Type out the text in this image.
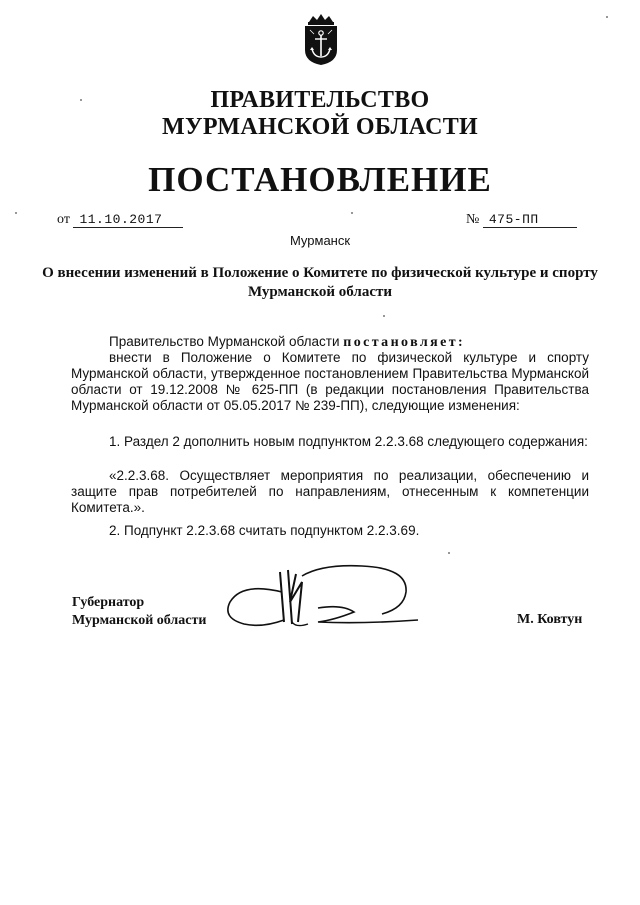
ПРАВИТЕЛЬСТВО
МУРМАНСКОЙ ОБЛАСТИ
ПОСТАНОВЛЕНИЕ
от 11.10.2017	№ 475-ПП
Мурманск
О внесении изменений в Положение о Комитете по физической культуре и спорту Мурманской области
Правительство Мурманской области постановляет:
внести в Положение о Комитете по физической культуре и спорту Мурманской области, утвержденное постановлением Правительства Мурманской области от 19.12.2008 № 625-ПП (в редакции постановления Правительства Мурманской области от 05.05.2017 № 239-ПП), следующие изменения:
1. Раздел 2 дополнить новым подпунктом 2.2.3.68 следующего содержания:
«2.2.3.68. Осуществляет мероприятия по реализации, обеспечению и защите прав потребителей по направлениям, отнесенным к компетенции Комитета.».
2. Подпункт 2.2.3.68 считать подпунктом 2.2.3.69.
Губернатор
Мурманской области	М. Ковтун
